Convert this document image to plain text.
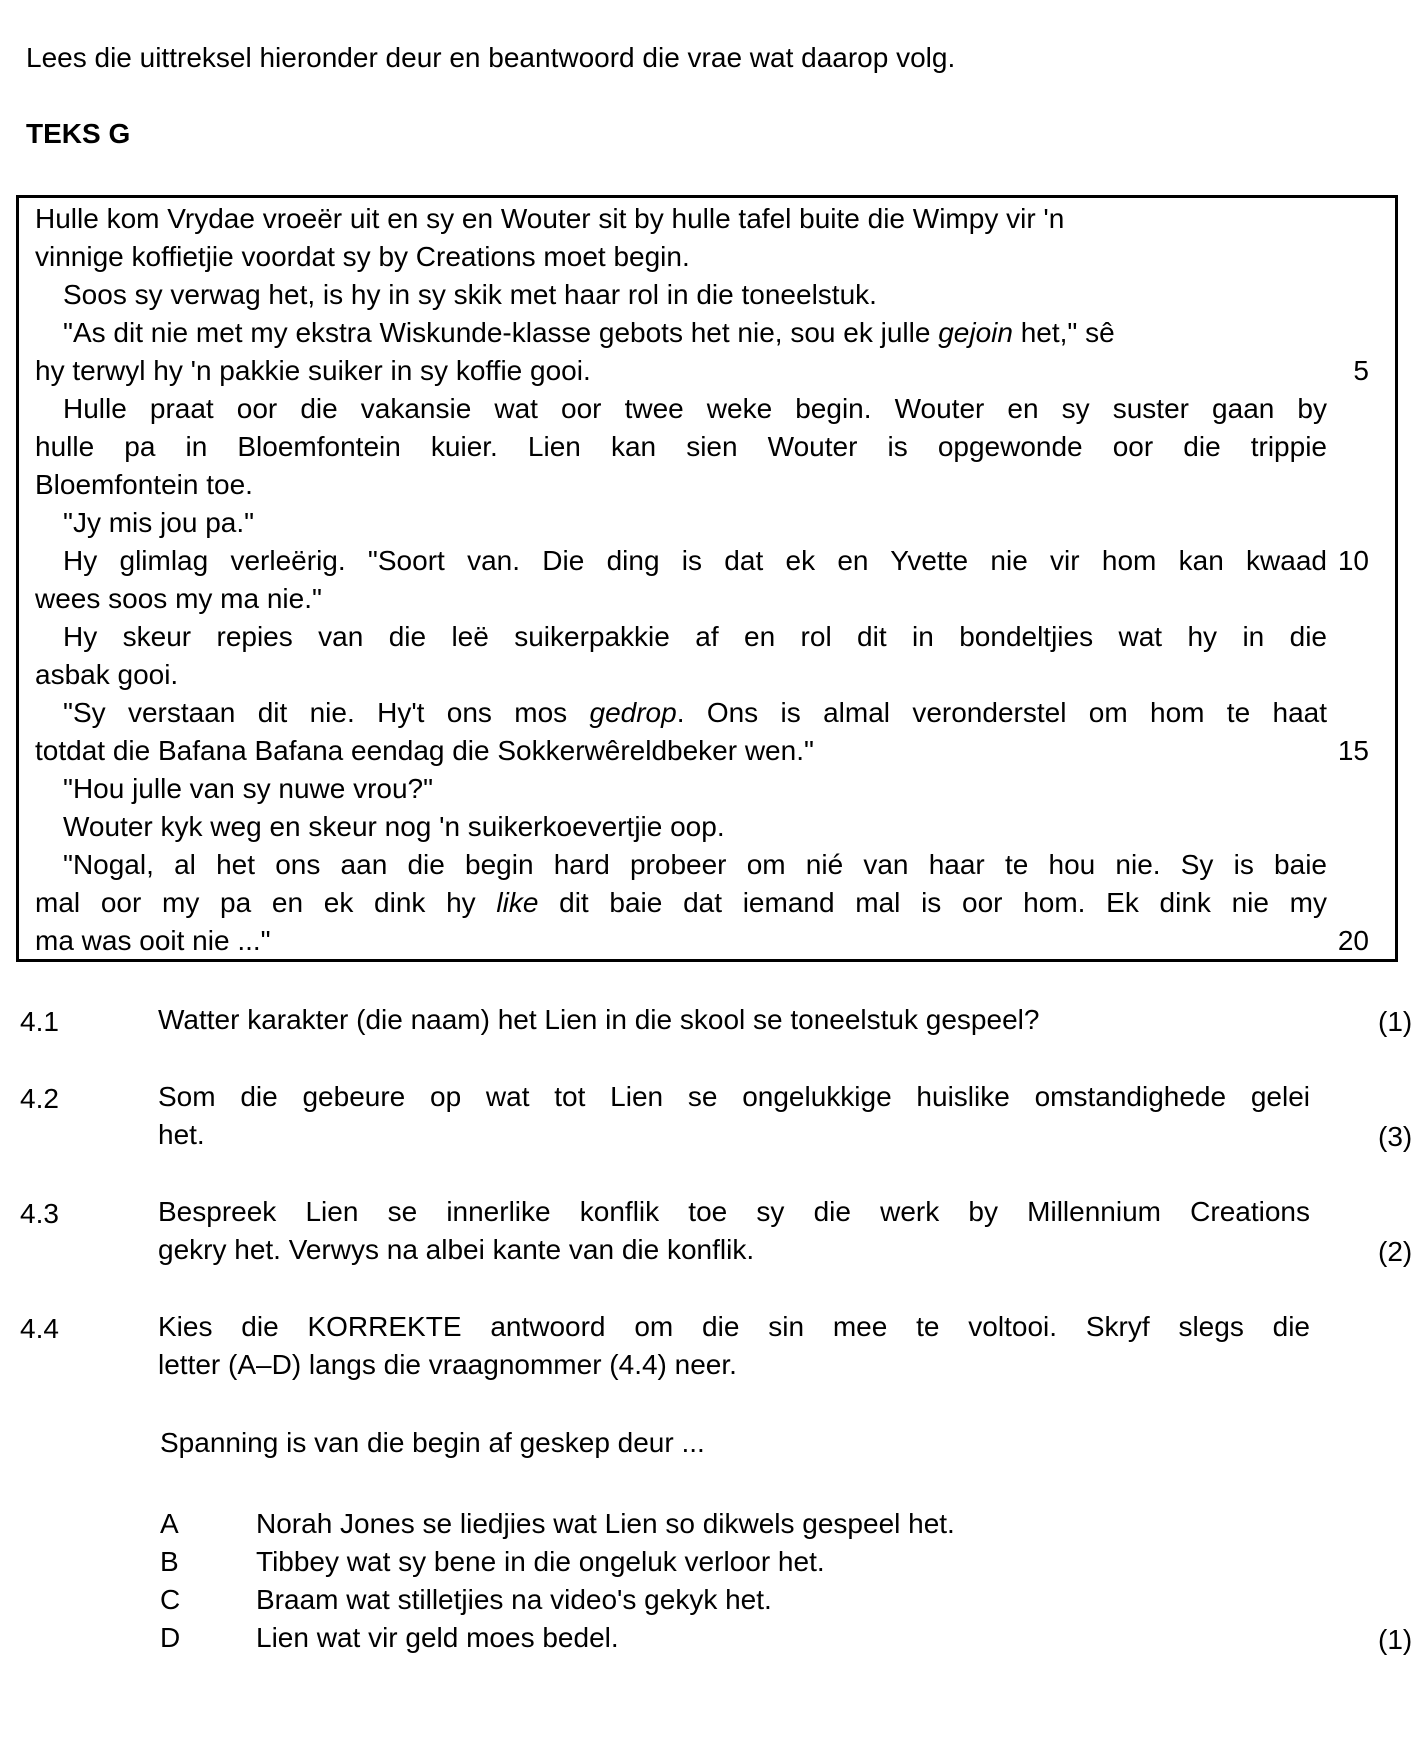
Lees die uittreksel hieronder deur en beantwoord die vrae wat daarop volg.
TEKS G
Hulle kom Vrydae vroeër uit en sy en Wouter sit by hulle tafel buite die Wimpy vir 'n
vinnige koffietjie voordat sy by Creations moet begin.
Soos sy verwag het, is hy in sy skik met haar rol in die toneelstuk.
"As dit nie met my ekstra Wiskunde-klasse gebots het nie, sou ek julle gejoin het," sê
hy terwyl hy 'n pakkie suiker in sy koffie gooi.	5
Hulle praat oor die vakansie wat oor twee weke begin. Wouter en sy suster gaan by
hulle pa in Bloemfontein kuier. Lien kan sien Wouter is opgewonde oor die trippie
Bloemfontein toe.
"Jy mis jou pa."
Hy glimlag verleërig. "Soort van. Die ding is dat ek en Yvette nie vir hom kan kwaad 10
wees soos my ma nie."
Hy skeur repies van die leë suikerpakkie af en rol dit in bondeltjies wat hy in die
asbak gooi.
"Sy verstaan dit nie. Hy't ons mos gedrop. Ons is almal veronderstel om hom te haat
totdat die Bafana Bafana eendag die Sokkerwêreldbeker wen."	15
"Hou julle van sy nuwe vrou?"
Wouter kyk weg en skeur nog 'n suikerkoevertjie oop.
"Nogal, al het ons aan die begin hard probeer om nié van haar te hou nie. Sy is baie
mal oor my pa en ek dink hy like dit baie dat iemand mal is oor hom. Ek dink nie my
ma was ooit nie ..."	20
4.1	Watter karakter (die naam) het Lien in die skool se toneelstuk gespeel?	(1)
4.2	Som die gebeure op wat tot Lien se ongelukkige huislike omstandighede gelei
het.	(3)
4.3	Bespreek Lien se innerlike konflik toe sy die werk by Millennium Creations
gekry het. Verwys na albei kante van die konflik.	(2)
4.4	Kies die KORREKTE antwoord om die sin mee te voltooi. Skryf slegs die
letter (A–D) langs die vraagnommer (4.4) neer.
Spanning is van die begin af geskep deur ...
A	Norah Jones se liedjies wat Lien so dikwels gespeel het.
B	Tibbey wat sy bene in die ongeluk verloor het.
C	Braam wat stilletjies na video's gekyk het.
D	Lien wat vir geld moes bedel.	(1)
